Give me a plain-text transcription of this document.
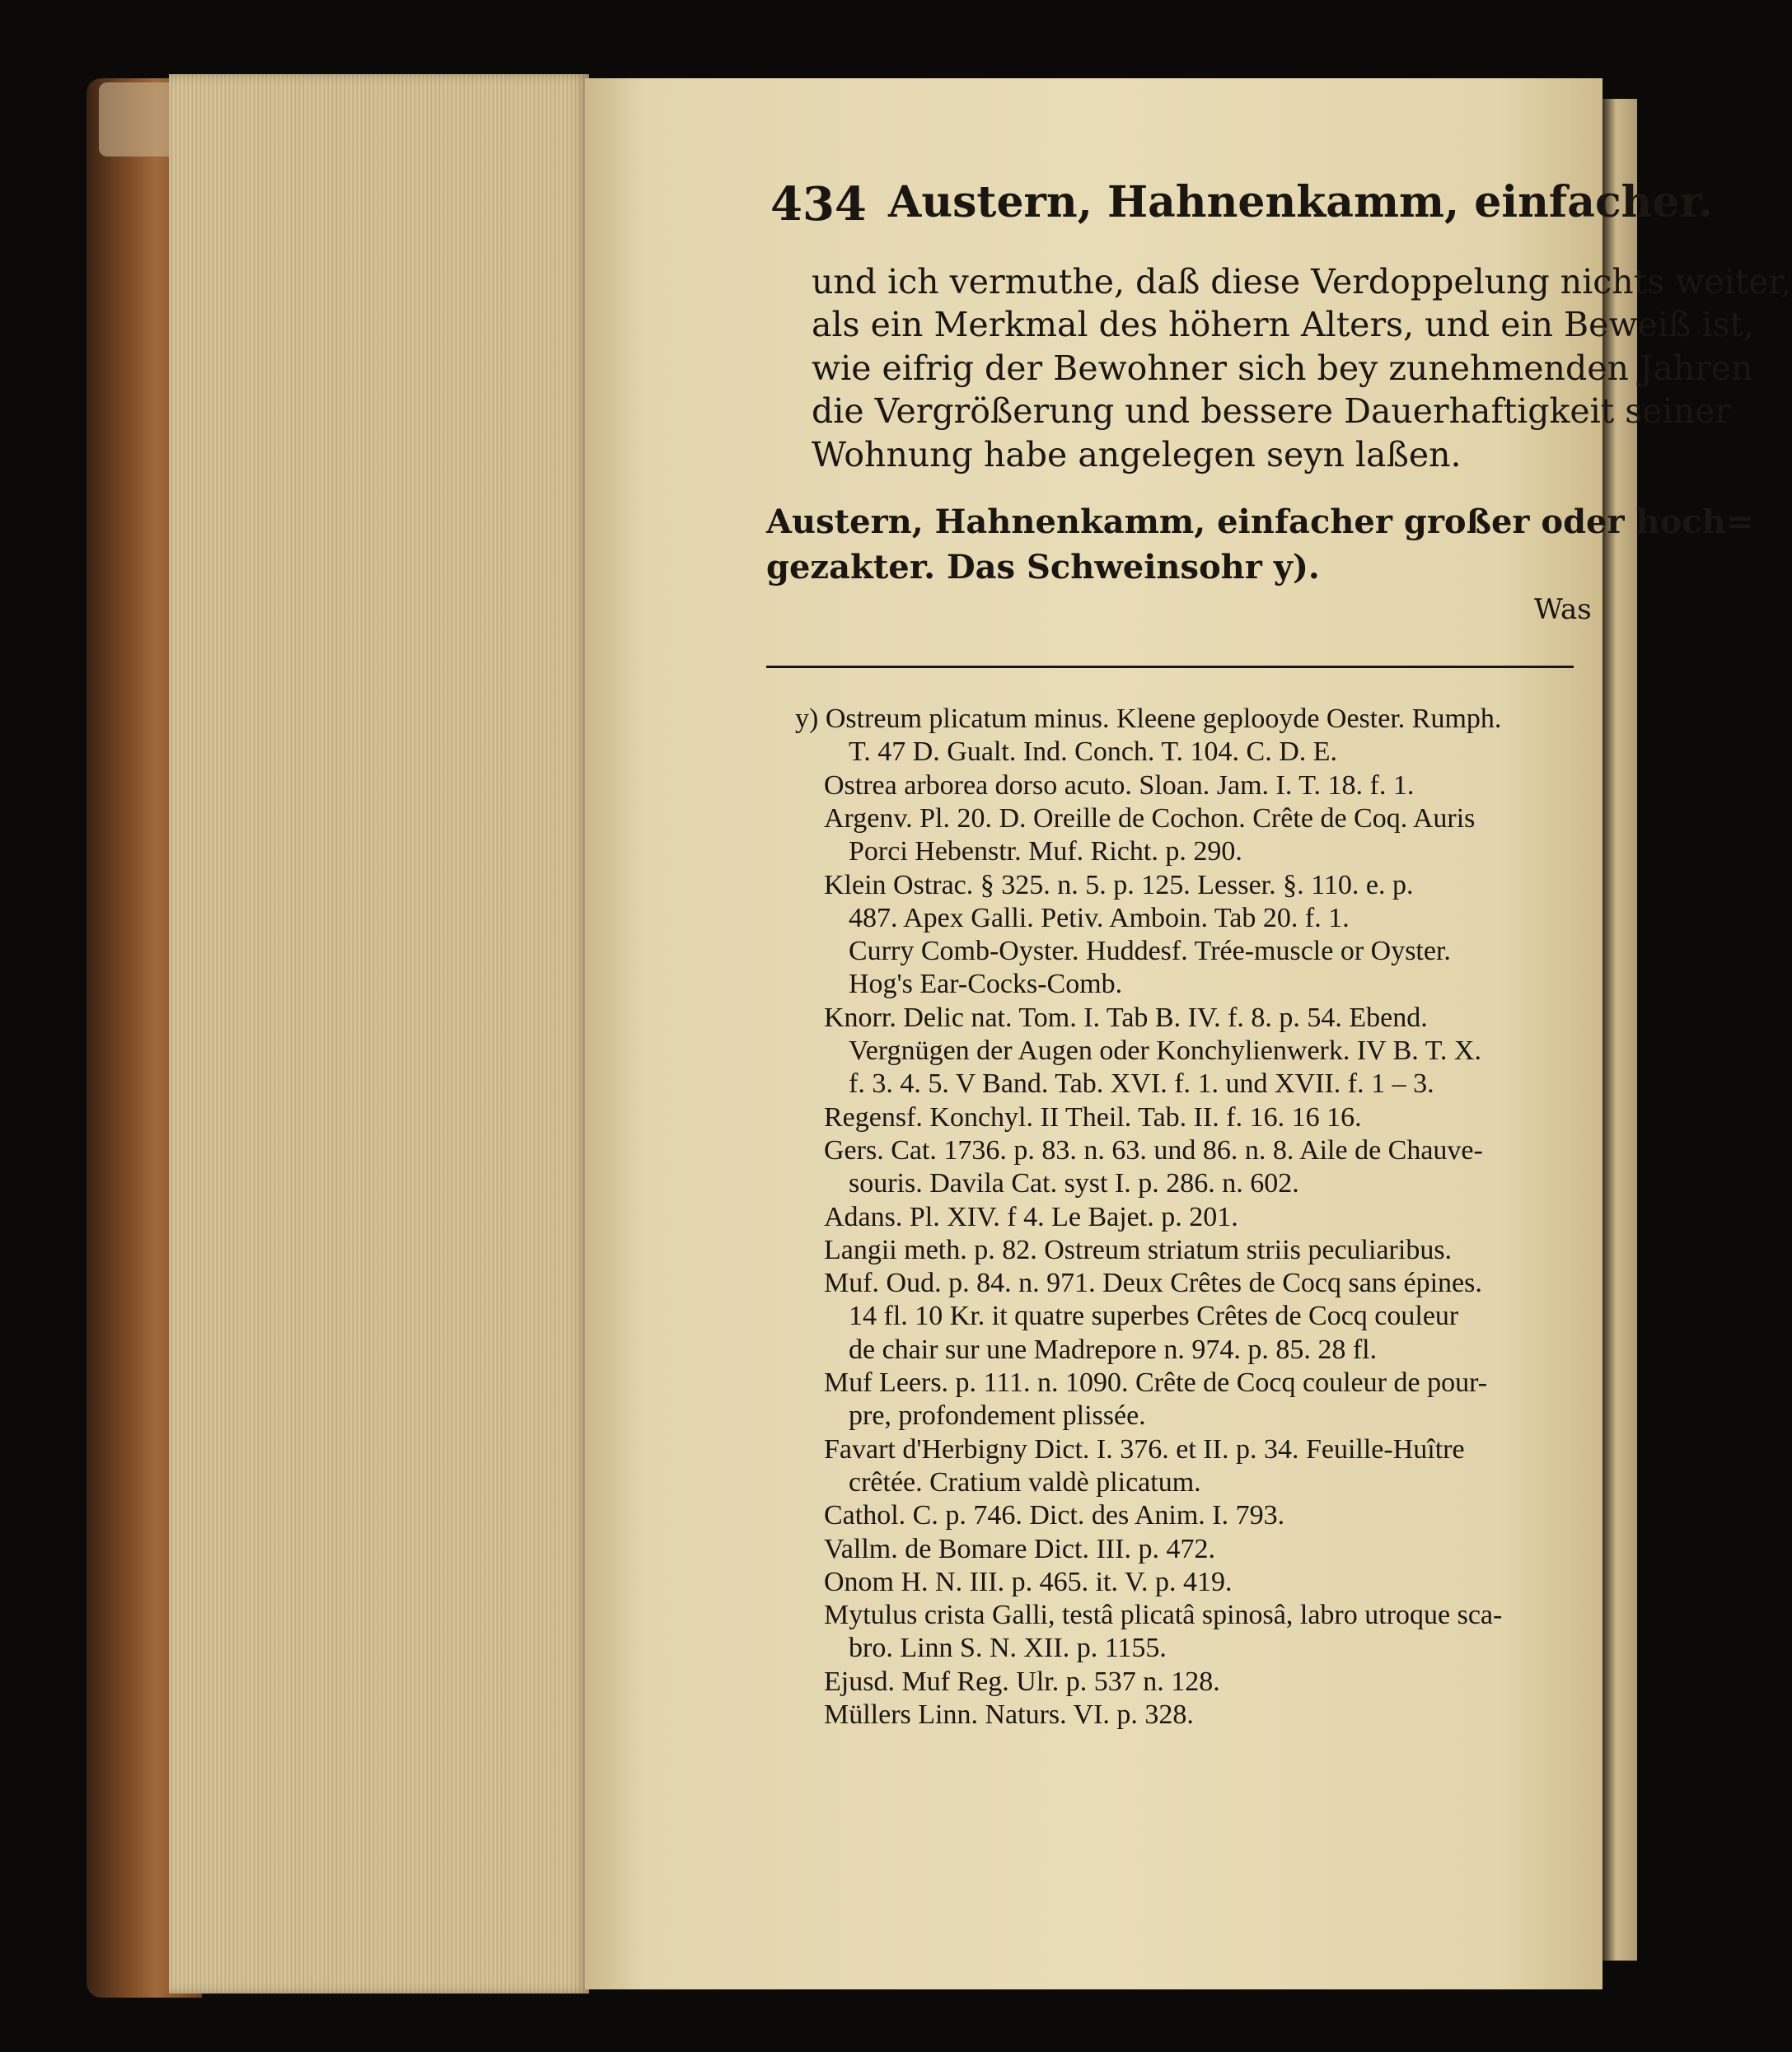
434 Austern, Hahnenkamm, einfacher.
und ich vermuthe, daß diese Verdoppelung nichts weiter,
als ein Merkmal des höhern Alters, und ein Beweiß ist,
wie eifrig der Bewohner sich bey zunehmenden Jahren
die Vergrößerung und bessere Dauerhaftigkeit seiner
Wohnung habe angelegen seyn laßen.
Austern, Hahnenkamm, einfacher großer oder hoch=
gezakter. Das Schweinsohr y).
Was
y) Ostreum plicatum minus. Kleene geplooyde Oester. Rumph.
T. 47 D. Gualt. Ind. Conch. T. 104. C. D. E.
Ostrea arborea dorso acuto. Sloan. Jam. I. T. 18. f. 1.
Argenv. Pl. 20. D. Oreille de Cochon. Crête de Coq. Auris
Porci Hebenstr. Muf. Richt. p. 290.
Klein Ostrac. § 325. n. 5. p. 125. Lesser. §. 110. e. p.
487. Apex Galli. Petiv. Amboin. Tab 20. f. 1.
Curry Comb-Oyster. Huddesf. Trée-muscle or Oyster.
Hog's Ear-Cocks-Comb.
Knorr. Delic nat. Tom. I. Tab B. IV. f. 8. p. 54. Ebend.
Vergnügen der Augen oder Konchylienwerk. IV B. T. X.
f. 3. 4. 5. V Band. Tab. XVI. f. 1. und XVII. f. 1 – 3.
Regensf. Konchyl. II Theil. Tab. II. f. 16. 16 16.
Gers. Cat. 1736. p. 83. n. 63. und 86. n. 8. Aile de Chauve-
souris. Davila Cat. syst I. p. 286. n. 602.
Adans. Pl. XIV. f 4. Le Bajet. p. 201.
Langii meth. p. 82. Ostreum striatum striis peculiaribus.
Muf. Oud. p. 84. n. 971. Deux Crêtes de Cocq sans épines.
14 fl. 10 Kr. it quatre superbes Crêtes de Cocq couleur
de chair sur une Madrepore n. 974. p. 85. 28 fl.
Muf Leers. p. 111. n. 1090. Crête de Cocq couleur de pour-
pre, profondement plissée.
Favart d'Herbigny Dict. I. 376. et II. p. 34. Feuille-Huître
crêtée. Cratium valdè plicatum.
Cathol. C. p. 746. Dict. des Anim. I. 793.
Vallm. de Bomare Dict. III. p. 472.
Onom H. N. III. p. 465. it. V. p. 419.
Mytulus crista Galli, testâ plicatâ spinosâ, labro utroque sca-
bro. Linn S. N. XII. p. 1155.
Ejusd. Muf Reg. Ulr. p. 537 n. 128.
Müllers Linn. Naturs. VI. p. 328.
